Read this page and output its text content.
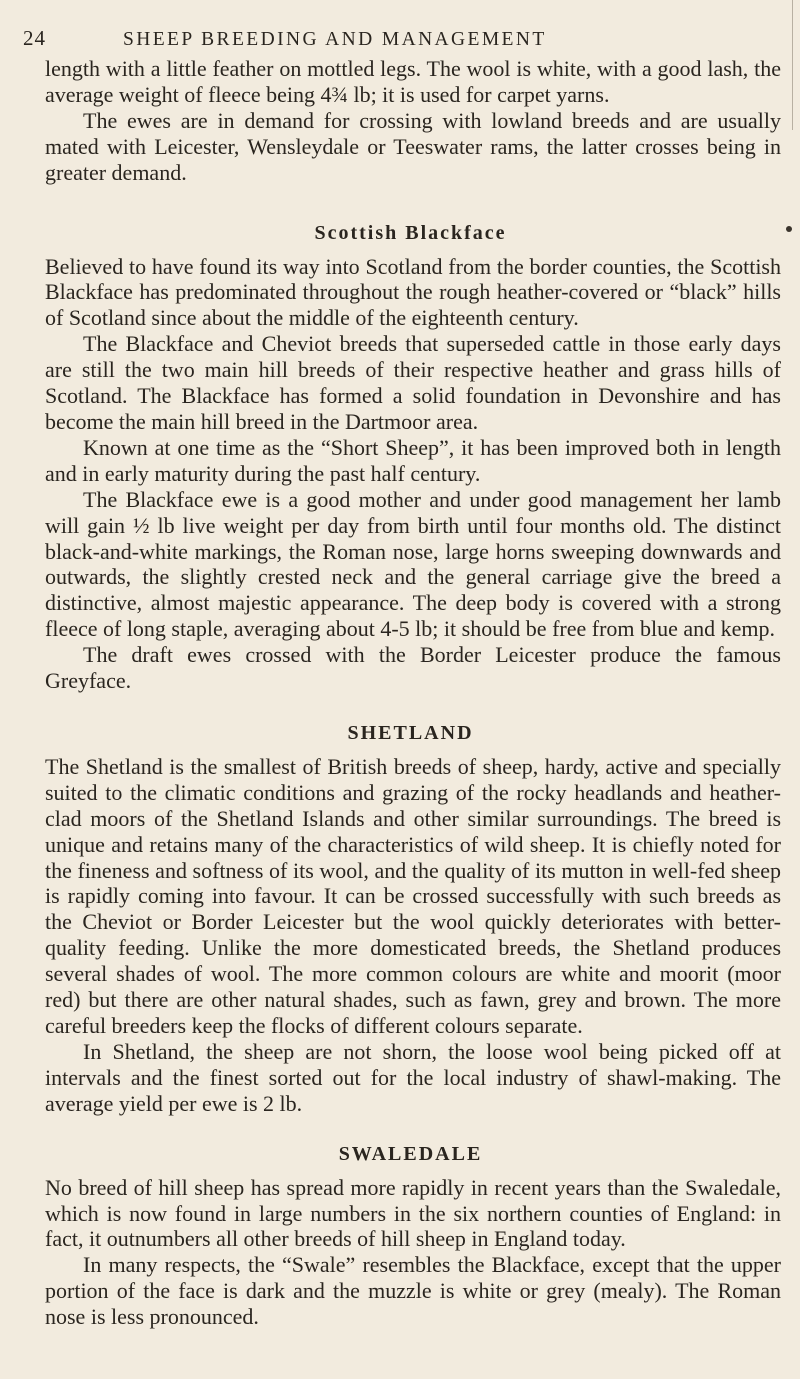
24	SHEEP BREEDING AND MANAGEMENT

length with a little feather on mottled legs. The wool is white, with a good lash, the average weight of fleece being 4¾ lb; it is used for carpet yarns.

The ewes are in demand for crossing with lowland breeds and are usually mated with Leicester, Wensleydale or Teeswater rams, the latter crosses being in greater demand.

Scottish Blackface

Believed to have found its way into Scotland from the border counties, the Scottish Blackface has predominated throughout the rough heather-covered or “black” hills of Scotland since about the middle of the eighteenth century.

The Blackface and Cheviot breeds that superseded cattle in those early days are still the two main hill breeds of their respective heather and grass hills of Scotland. The Blackface has formed a solid foundation in Devonshire and has become the main hill breed in the Dartmoor area.

Known at one time as the “Short Sheep”, it has been improved both in length and in early maturity during the past half century.

The Blackface ewe is a good mother and under good management her lamb will gain ½ lb live weight per day from birth until four months old. The distinct black-and-white markings, the Roman nose, large horns sweeping downwards and outwards, the slightly crested neck and the general carriage give the breed a distinctive, almost majestic appearance. The deep body is covered with a strong fleece of long staple, averaging about 4-5 lb; it should be free from blue and kemp.

The draft ewes crossed with the Border Leicester produce the famous Greyface.

SHETLAND

The Shetland is the smallest of British breeds of sheep, hardy, active and specially suited to the climatic conditions and grazing of the rocky headlands and heather-clad moors of the Shetland Islands and other similar surroundings. The breed is unique and retains many of the characteristics of wild sheep. It is chiefly noted for the fineness and softness of its wool, and the quality of its mutton in well-fed sheep is rapidly coming into favour. It can be crossed successfully with such breeds as the Cheviot or Border Leicester but the wool quickly deteriorates with better-quality feeding. Unlike the more domesticated breeds, the Shetland produces several shades of wool. The more common colours are white and moorit (moor red) but there are other natural shades, such as fawn, grey and brown. The more careful breeders keep the flocks of different colours separate.

In Shetland, the sheep are not shorn, the loose wool being picked off at intervals and the finest sorted out for the local industry of shawl-making. The average yield per ewe is 2 lb.

SWALEDALE

No breed of hill sheep has spread more rapidly in recent years than the Swaledale, which is now found in large numbers in the six northern counties of England: in fact, it outnumbers all other breeds of hill sheep in England today.

In many respects, the “Swale” resembles the Blackface, except that the upper portion of the face is dark and the muzzle is white or grey (mealy). The Roman nose is less pronounced.
